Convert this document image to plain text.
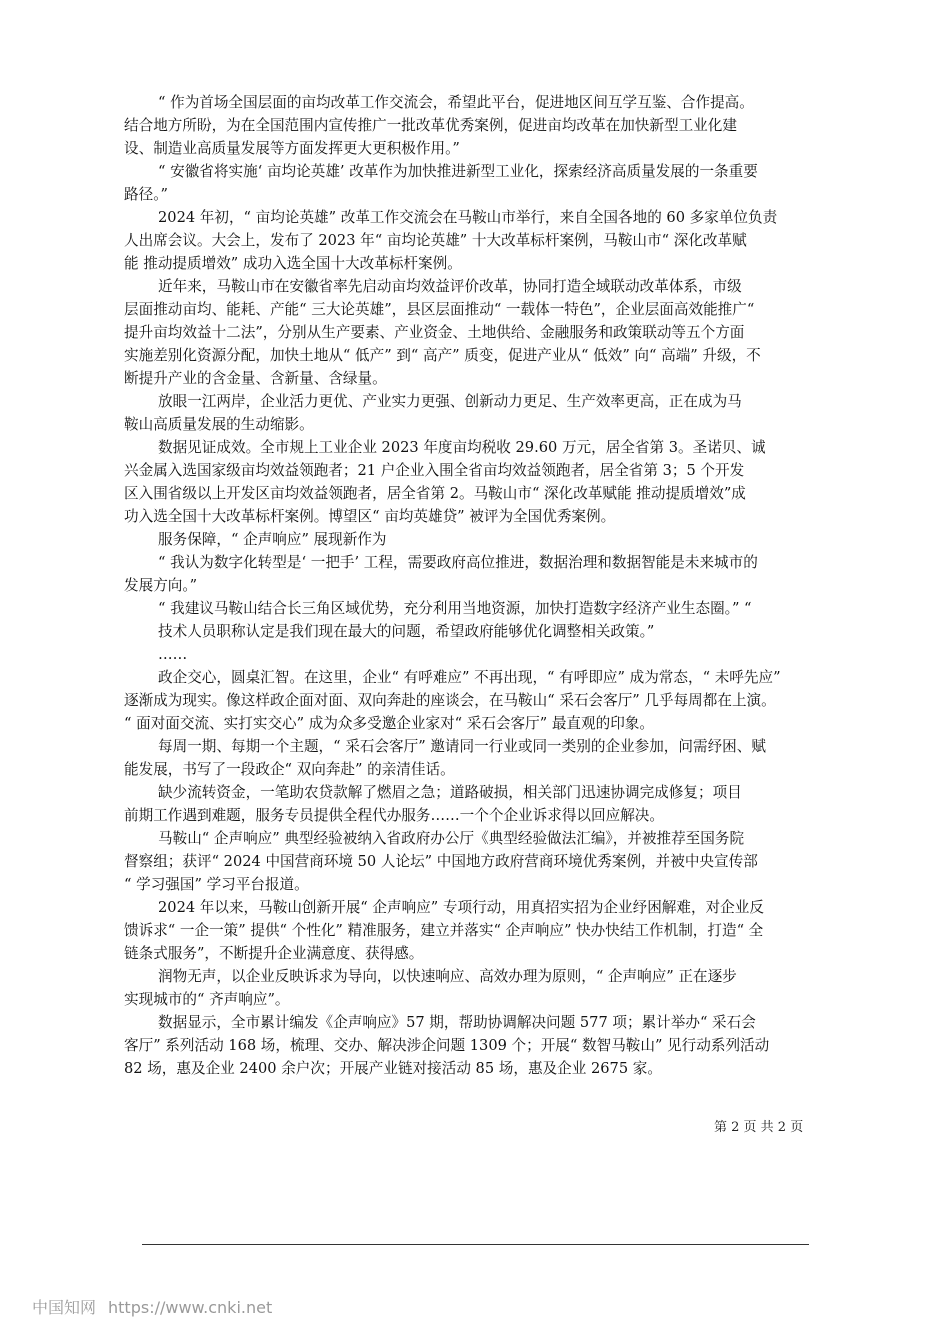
“ 作为首场全国层面的亩均改革工作交流会，希望此平台，促进地区间互学互鉴、合作提高。

结合地方所盼，为在全国范围内宣传推广一批改革优秀案例，促进亩均改革在加快新型工业化建

设、制造业高质量发展等方面发挥更大更积极作用。”

“ 安徽省将实施‘ 亩均论英雄’ 改革作为加快推进新型工业化，探索经济高质量发展的一条重要

路径。”

2024 年初，“ 亩均论英雄” 改革工作交流会在马鞍山市举行，来自全国各地的 60 多家单位负责

人出席会议。大会上，发布了 2023 年“ 亩均论英雄” 十大改革标杆案例，马鞍山市“ 深化改革赋

能 推动提质增效” 成功入选全国十大改革标杆案例。

近年来，马鞍山市在安徽省率先启动亩均效益评价改革，协同打造全域联动改革体系，市级

层面推动亩均、能耗、产能“ 三大论英雄”，县区层面推动“ 一载体一特色”，企业层面高效能推广“

提升亩均效益十二法”，分别从生产要素、产业资金、土地供给、金融服务和政策联动等五个方面

实施差别化资源分配，加快土地从“ 低产” 到“ 高产” 质变，促进产业从“ 低效” 向“ 高端” 升级，不

断提升产业的含金量、含新量、含绿量。

放眼一江两岸，企业活力更优、产业实力更强、创新动力更足、生产效率更高，正在成为马

鞍山高质量发展的生动缩影。

数据见证成效。全市规上工业企业 2023 年度亩均税收 29.60 万元，居全省第 3。圣诺贝、诚

兴金属入选国家级亩均效益领跑者；21 户企业入围全省亩均效益领跑者，居全省第 3；5 个开发

区入围省级以上开发区亩均效益领跑者，居全省第 2。马鞍山市“ 深化改革赋能 推动提质增效”成

功入选全国十大改革标杆案例。博望区“ 亩均英雄贷” 被评为全国优秀案例。

服务保障，“ 企声响应” 展现新作为

“ 我认为数字化转型是‘ 一把手’ 工程，需要政府高位推进，数据治理和数据智能是未来城市的

发展方向。”

“ 我建议马鞍山结合长三角区域优势，充分利用当地资源，加快打造数字经济产业生态圈。” “

技术人员职称认定是我们现在最大的问题，希望政府能够优化调整相关政策。”

……

政企交心，圆桌汇智。在这里，企业“ 有呼难应” 不再出现，“ 有呼即应” 成为常态，“ 未呼先应”

逐渐成为现实。像这样政企面对面、双向奔赴的座谈会，在马鞍山“ 采石会客厅” 几乎每周都在上演。

“ 面对面交流、实打实交心” 成为众多受邀企业家对“ 采石会客厅” 最直观的印象。

每周一期、每期一个主题，“ 采石会客厅” 邀请同一行业或同一类别的企业参加，问需纾困、赋

能发展，书写了一段政企“ 双向奔赴” 的亲清佳话。

缺少流转资金，一笔助农贷款解了燃眉之急；道路破损，相关部门迅速协调完成修复；项目

前期工作遇到难题，服务专员提供全程代办服务……一个个企业诉求得以回应解决。

马鞍山“ 企声响应” 典型经验被纳入省政府办公厅《典型经验做法汇编》，并被推荐至国务院

督察组；获评“ 2024 中国营商环境 50 人论坛” 中国地方政府营商环境优秀案例，并被中央宣传部

“ 学习强国” 学习平台报道。

2024 年以来，马鞍山创新开展“ 企声响应” 专项行动，用真招实招为企业纾困解难，对企业反

馈诉求“ 一企一策” 提供“ 个性化” 精准服务，建立并落实“ 企声响应” 快办快结工作机制，打造“ 全

链条式服务”，不断提升企业满意度、获得感。

润物无声，以企业反映诉求为导向，以快速响应、高效办理为原则，“ 企声响应” 正在逐步

实现城市的“ 齐声响应”。

数据显示，全市累计编发《企声响应》57 期，帮助协调解决问题 577 项；累计举办“ 采石会

客厅” 系列活动 168 场，梳理、交办、解决涉企问题 1309 个；开展“ 数智马鞍山” 见行动系列活动

82 场，惠及企业 2400 余户次；开展产业链对接活动 85 场，惠及企业 2675 家。

第 2 页 共 2 页
中国知网 https://www.cnki.net
